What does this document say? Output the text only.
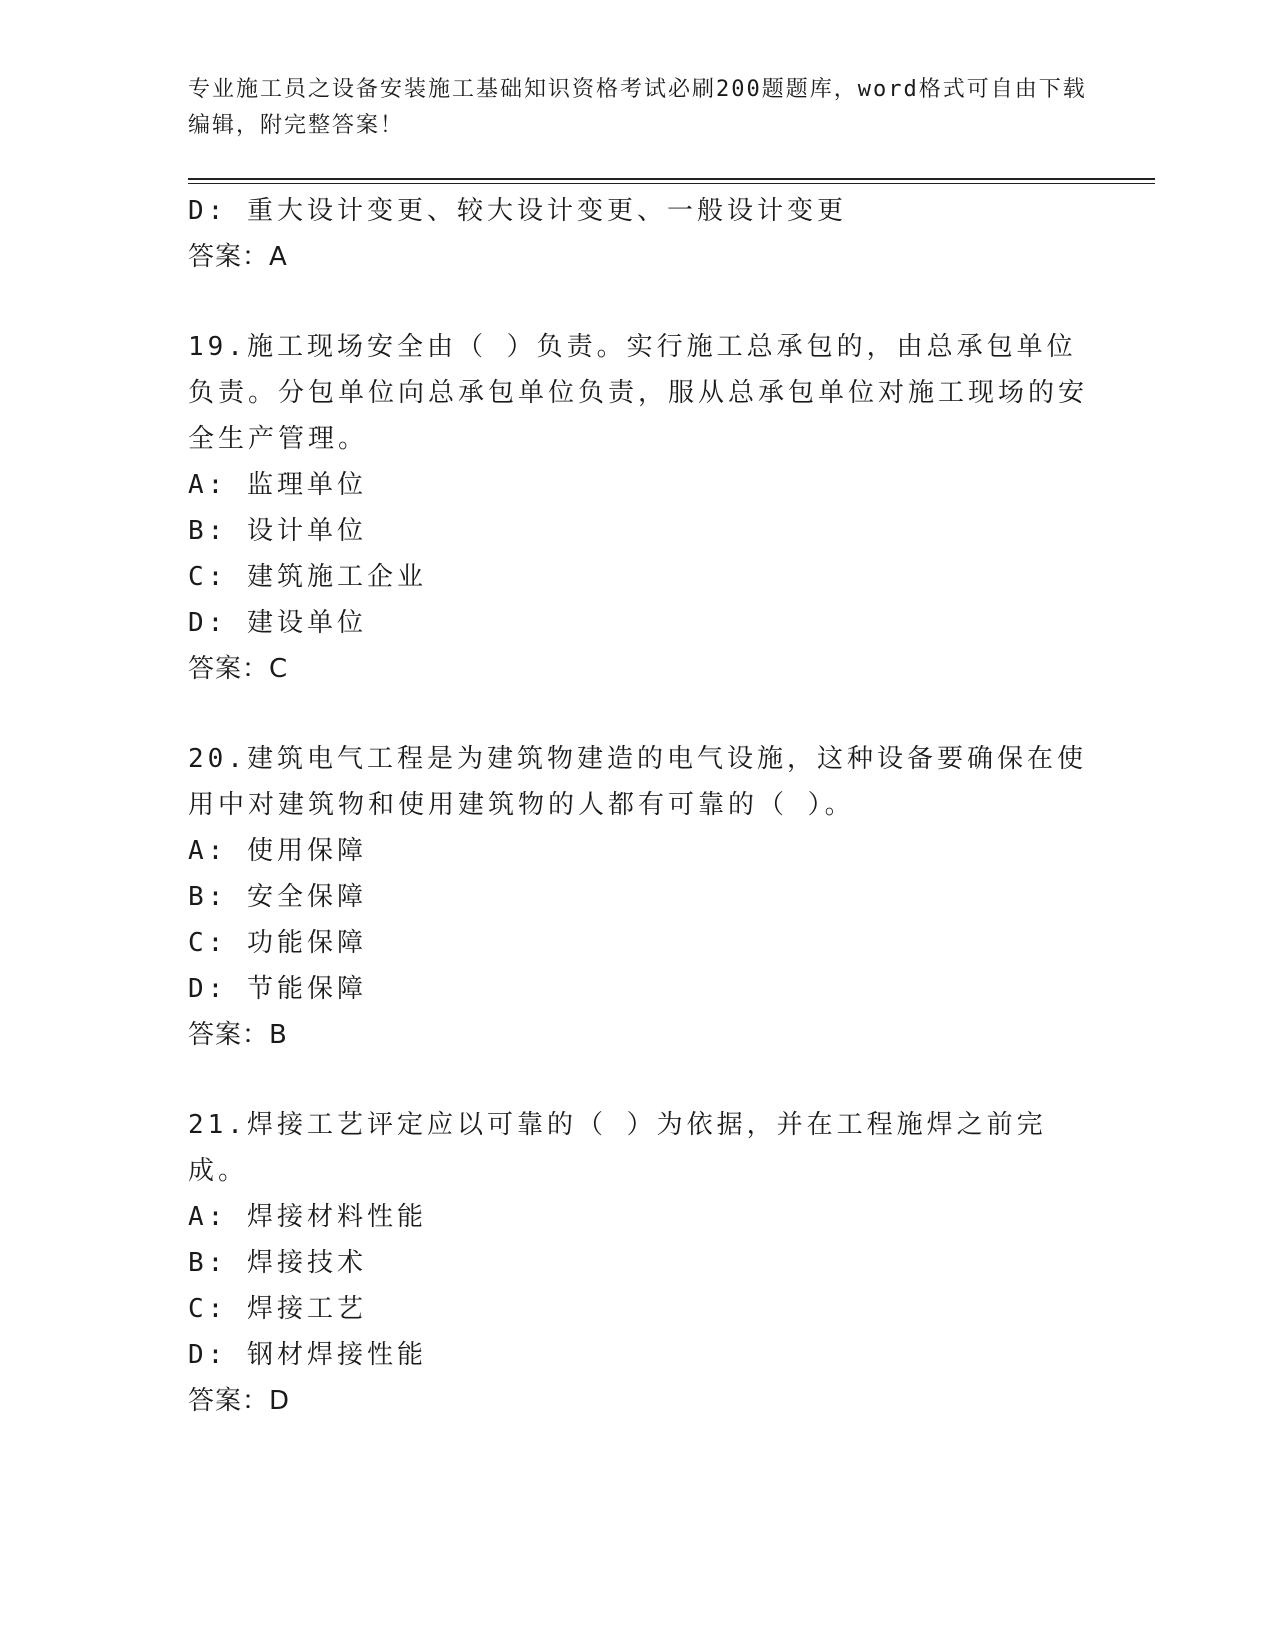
专业施工员之设备安装施工基础知识资格考试必刷200题题库，word格式可自由下载编辑，附完整答案！
D: 重大设计变更、较大设计变更、一般设计变更
答案：A
19.施工现场安全由（ ）负责。实行施工总承包的，由总承包单位负责。分包单位向总承包单位负责，服从总承包单位对施工现场的安全生产管理。
A: 监理单位
B: 设计单位
C: 建筑施工企业
D: 建设单位
答案：C
20.建筑电气工程是为建筑物建造的电气设施，这种设备要确保在使用中对建筑物和使用建筑物的人都有可靠的（ ）。
A: 使用保障
B: 安全保障
C: 功能保障
D: 节能保障
答案：B
21.焊接工艺评定应以可靠的（ ）为依据，并在工程施焊之前完成。
A: 焊接材料性能
B: 焊接技术
C: 焊接工艺
D: 钢材焊接性能
答案：D
